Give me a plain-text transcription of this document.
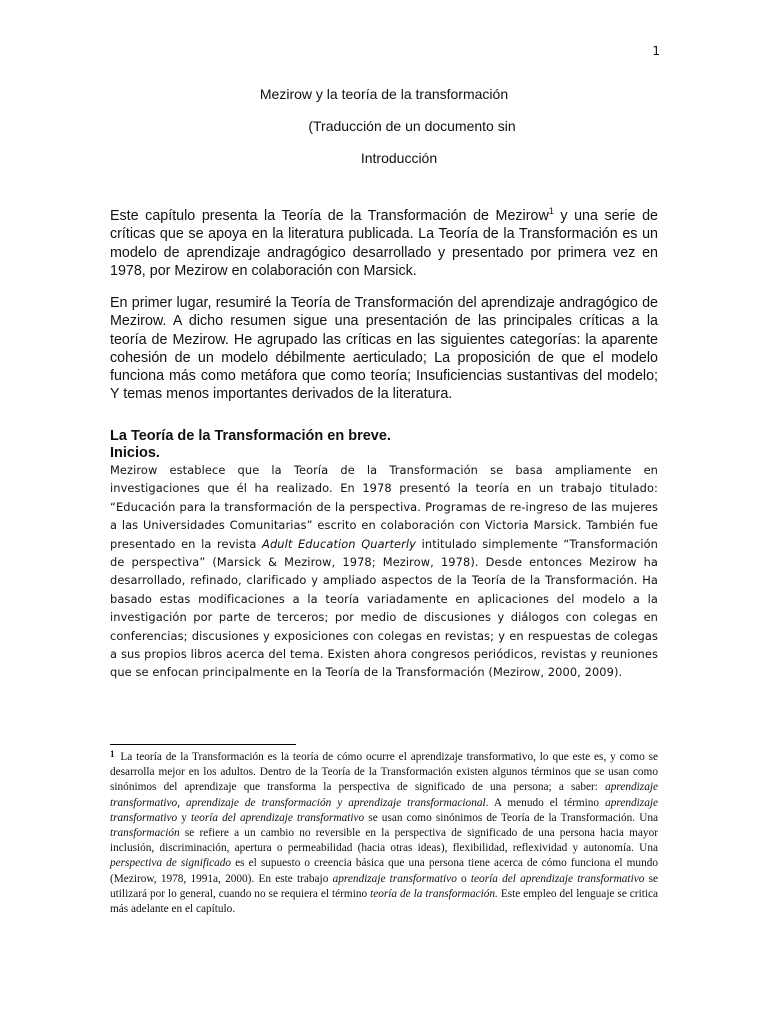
1
Mezirow y la teoría de la transformación
(Traducción de un documento sin
Introducción

Este capítulo presenta la Teoría de la Transformación de Mezirow$^1$ y una serie de críticas que se apoya en la literatura publicada. La Teoría de la Transformación es un modelo de aprendizaje andragógico desarrollado y presentado por primera vez en 1978, por Mezirow en colaboración con Marsick.

En primer lugar, resumiré la Teoría de Transformación del aprendizaje andragógico de Mezirow. A dicho resumen sigue una presentación de las principales críticas a la teoría de Mezirow. He agrupado las críticas en las siguientes categorías: la aparente cohesión de un modelo débilmente aerticulado; La proposición de que el modelo funciona más como metáfora que como teoría; Insuficiencias sustantivas del modelo; Y temas menos importantes derivados de la literatura.

La Teoría de la Transformación en breve.
Inicios.

Mezirow establece que la Teoría de la Transformación se basa ampliamente en investigaciones que él ha realizado. En 1978 presentó la teoría en un trabajo titulado: “Educación para la transformación de la perspectiva. Programas de re-ingreso de las mujeres a las Universidades Comunitarias” escrito en colaboración con Victoria Marsick. También fue presentado en la revista Adult Education Quarterly intitulado simplemente “Transformación de perspectiva” (Marsick & Mezirow, 1978; Mezirow, 1978). Desde entonces Mezirow ha desarrollado, refinado, clarificado y ampliado aspectos de la Teoría de la Transformación. Ha basado estas modificaciones a la teoría variadamente en aplicaciones del modelo a la investigación por parte de terceros; por medio de discusiones y diálogos con colegas en conferencias; discusiones y exposiciones con colegas en revistas; y en respuestas de colegas a sus propios libros acerca del tema. Existen ahora congresos periódicos, revistas y reuniones que se enfocan principalmente en la Teoría de la Transformación (Mezirow, 2000, 2009).

$^1$ La teoría de la Transformación es la teoría de cómo ocurre el aprendizaje transformativo, lo que este es, y como se desarrolla mejor en los adultos. Dentro de la Teoría de la Transformación existen algunos términos que se usan como sinónimos del aprendizaje que transforma la perspectiva de significado de una persona; a saber: aprendizaje transformativo, aprendizaje de transformación y aprendizaje transformacional. A menudo el término aprendizaje transformativo y teoría del aprendizaje transformativo se usan como sinónimos de Teoría de la Transformación. Una transformación se refiere a un cambio no reversible en la perspectiva de significado de una persona hacia mayor inclusión, discriminación, apertura o permeabilidad (hacia otras ideas), flexibilidad, reflexividad y autonomía. Una perspectiva de significado es el supuesto o creencia básica que una persona tiene acerca de cómo funciona el mundo (Mezirow, 1978, 1991a, 2000). En este trabajo aprendizaje transformativo o teoría del aprendizaje transformativo se utilizará por lo general, cuando no se requiera el término teoría de la transformación. Este empleo del lenguaje se critica más adelante en el capítulo.
